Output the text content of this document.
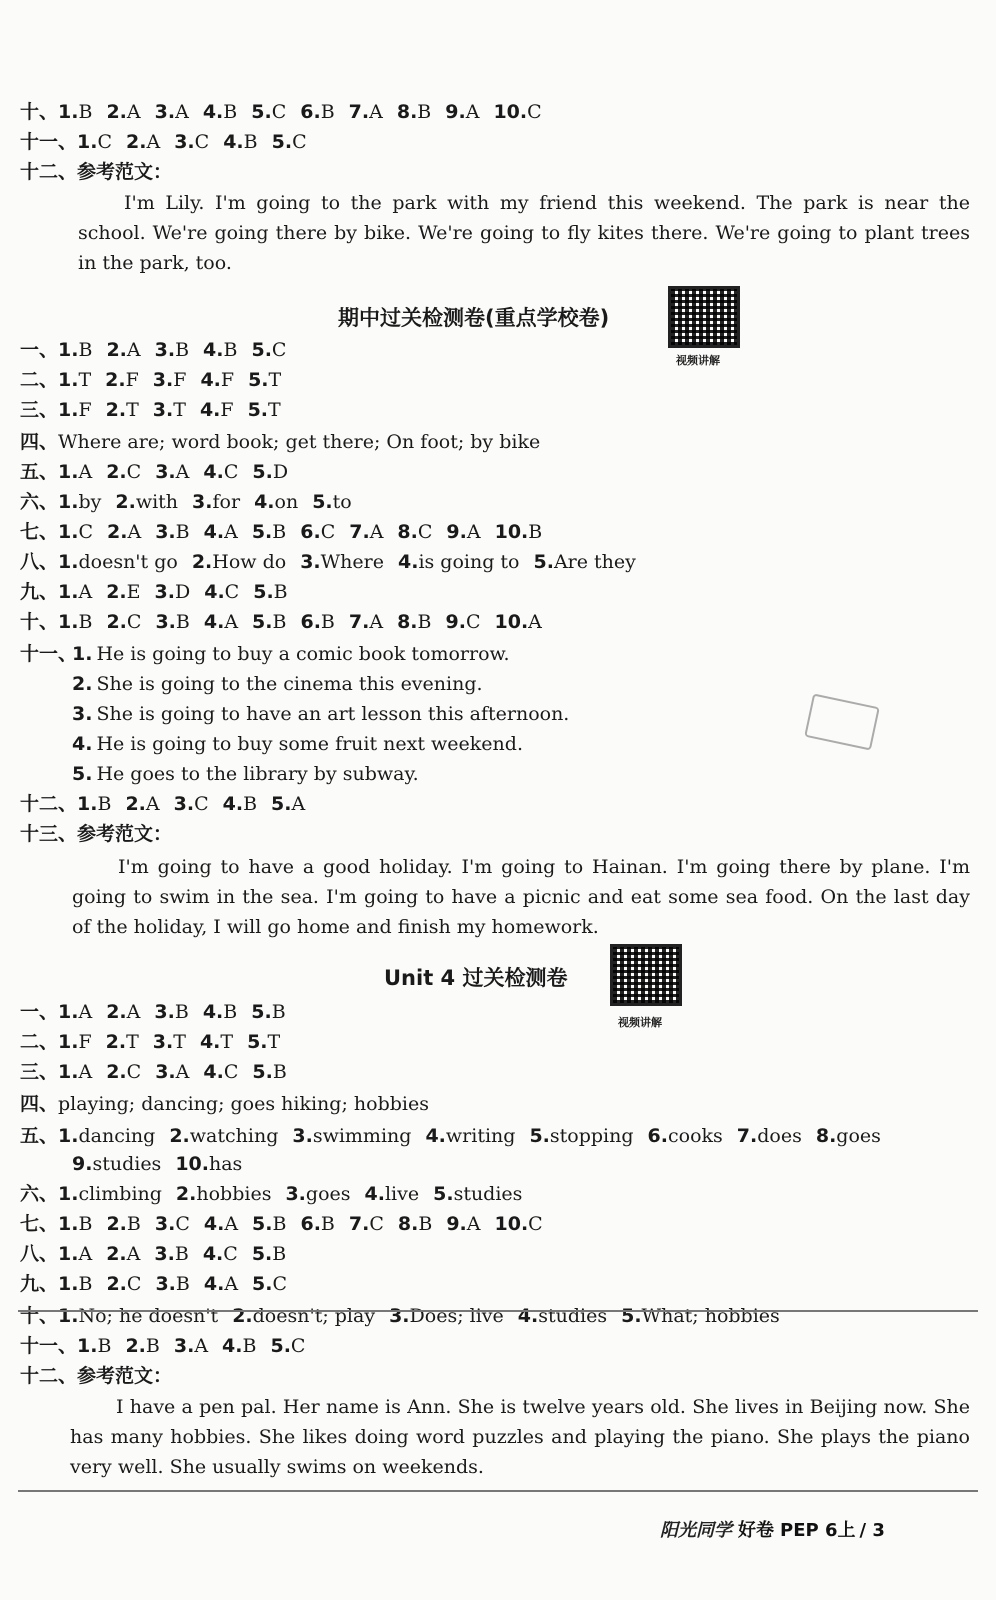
十、1.B 2.A 3.A 4.B 5.C 6.B 7.A 8.B 9.A 10.C
十一、1.C 2.A 3.C 4.B 5.C
十二、参考范文：
I'm Lily. I'm going to the park with my friend this weekend. The park is near the school. We're going there by bike. We're going to fly kites there. We're going to plant trees in the park, too.
期中过关检测卷(重点学校卷)
视频讲解
一、1.B 2.A 3.B 4.B 5.C
二、1.T 2.F 3.F 4.F 5.T
三、1.F 2.T 3.T 4.F 5.T
四、Where are; word book; get there; On foot; by bike
五、1.A 2.C 3.A 4.C 5.D
六、1.by 2.with 3.for 4.on 5.to
七、1.C 2.A 3.B 4.A 5.B 6.C 7.A 8.C 9.A 10.B
八、1.doesn't go 2.How do 3.Where 4.is going to 5.Are they
九、1.A 2.E 3.D 4.C 5.B
十、1.B 2.C 3.B 4.A 5.B 6.B 7.A 8.B 9.C 10.A
十一、
1. He is going to buy a comic book tomorrow.
2. She is going to the cinema this evening.
3. She is going to have an art lesson this afternoon.
4. He is going to buy some fruit next weekend.
5. He goes to the library by subway.
十二、1.B 2.A 3.C 4.B 5.A
十三、参考范文：
I'm going to have a good holiday. I'm going to Hainan. I'm going there by plane. I'm going to swim in the sea. I'm going to have a picnic and eat some sea food. On the last day of the holiday, I will go home and finish my homework.
Unit 4 过关检测卷
视频讲解
一、1.A 2.A 3.B 4.B 5.B
二、1.F 2.T 3.T 4.T 5.T
三、1.A 2.C 3.A 4.C 5.B
四、playing; dancing; goes hiking; hobbies
五、1.dancing 2.watching 3.swimming 4.writing 5.stopping 6.cooks 7.does 8.goes
9.studies 10.has
六、1.climbing 2.hobbies 3.goes 4.live 5.studies
七、1.B 2.B 3.C 4.A 5.B 6.B 7.C 8.B 9.A 10.C
八、1.A 2.A 3.B 4.C 5.B
九、1.B 2.C 3.B 4.A 5.C
十、1.No; he doesn't 2.doesn't; play 3.Does; live 4.studies 5.What; hobbies
十一、1.B 2.B 3.A 4.B 5.C
十二、参考范文：
I have a pen pal. Her name is Ann. She is twelve years old. She lives in Beijing now. She has many hobbies. She likes doing word puzzles and playing the piano. She plays the piano very well. She usually swims on weekends.
阳光同学 好卷 PEP 6上 / 3
